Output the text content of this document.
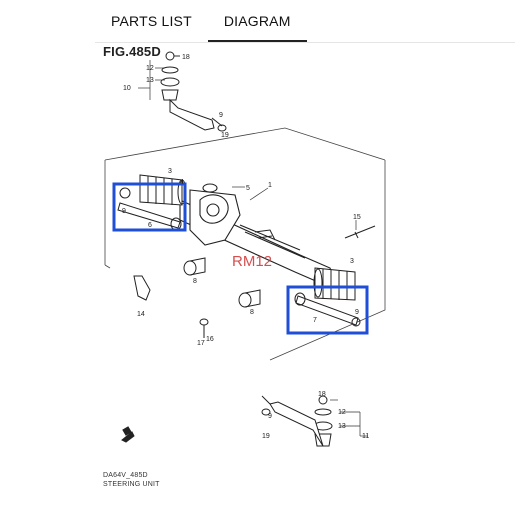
PARTS LIST	DIAGRAM
FIG.485D	18
12
13
10
9
19
3
4
5	1
9
6
15
3
8
8
7
9
14
16
17
18
12
13
11
9
19
RM12
DA64V_485D
STEERING UNIT
